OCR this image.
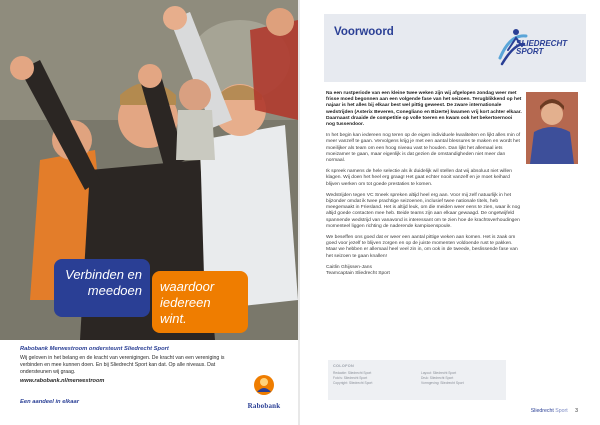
Verbinden en
meedoen waardoor
iedereen
wint.
Rabobank Merwestroom ondersteunt Sliedrecht Sport
Wij geloven in het belang en de kracht van verenigingen. De kracht van een vereniging is verbinden en mee kunnen doen. En bij Sliedrecht Sport kan dat. Op alle niveaus. Dat ondersteunen wij graag.
www.rabobank.nl/merwestroom
Een aandeel in elkaar	Rabobank
Voorwoord
SLIEDRECHT
SPORT

Na een rustperiode van een kleine twee weken zijn wij afgelopen zondag weer met frisse moed begonnen aan een volgende fase van het seizoen. Terugblikkend op het najaar is het alles bij elkaar best wel pittig geweest. De zware internationale wedstrijden (Asterix Beveren, Conegliano en Bizerte) kwamen vrij kort achter elkaar. Daarnaast draaide de competitie op volle toeren en kwam ook het bekertoernooi nog tussendoor.

In het begin kan iedereen nog teren op de eigen individuele kwaliteiten en lijkt alles min of meer vanzelf te gaan. Vervolgens krijg je met een aantal blessures te maken en wordt het moeilijker als team om een hoog niveau vast te houden. Dan lijkt het allemaal iets moeizamer te gaan, maar eigenlijk is dat gezien de omstandigheden niet meer dan normaal.

Ik spreek namens de hele selectie als ik duidelijk wil stellen dat wij absoluut niet willen klagen. Wij doen het heel erg graag! Het gaat echter nooit vanzelf en je moet keihard blijven werken om tot goede prestaties te komen.

Wedstrijden tegen VC Sneek spreken altijd heel erg aan. Voor mij zelf natuurlijk in het bijzonder omdat ik twee prachtige seizoenen, inclusief twee nationale titels, heb meegemaakt in Friesland. Het is altijd leuk, om die meiden weer eens te zien, waar ik nog altijd goede contacten mee heb. Beide teams zijn aan elkaar gewaagd. De ongetwijfeld spannende wedstrijd van vanavond is interessant om te zien hoe de krachtsverhoudingen momenteel liggen richting de naderende kampioenspoule.

We beseffen ons goed dat er weer een aantal pittige weken aan komen. Het is zaak om goed voor jezelf te blijven zorgen en op de juiste momenten voldoende rust te pakken. Maar we hebben er allemaal heel veel zin in, om ook in de tweede, beslissende fase van het seizoen te gaan knallen!

Caitlin Ghijssen-Jans
Teamcaptain Sliedrecht Sport
COLOFON
Redactie: Sliedrecht Sport
Foto's: Sliedrecht Sport
Copyright: Sliedrecht Sport
Layout: Sliedrecht Sport
Druk: Sliedrecht Sport
Vormgeving: Sliedrecht Sport
Sliedrecht Sport 3
